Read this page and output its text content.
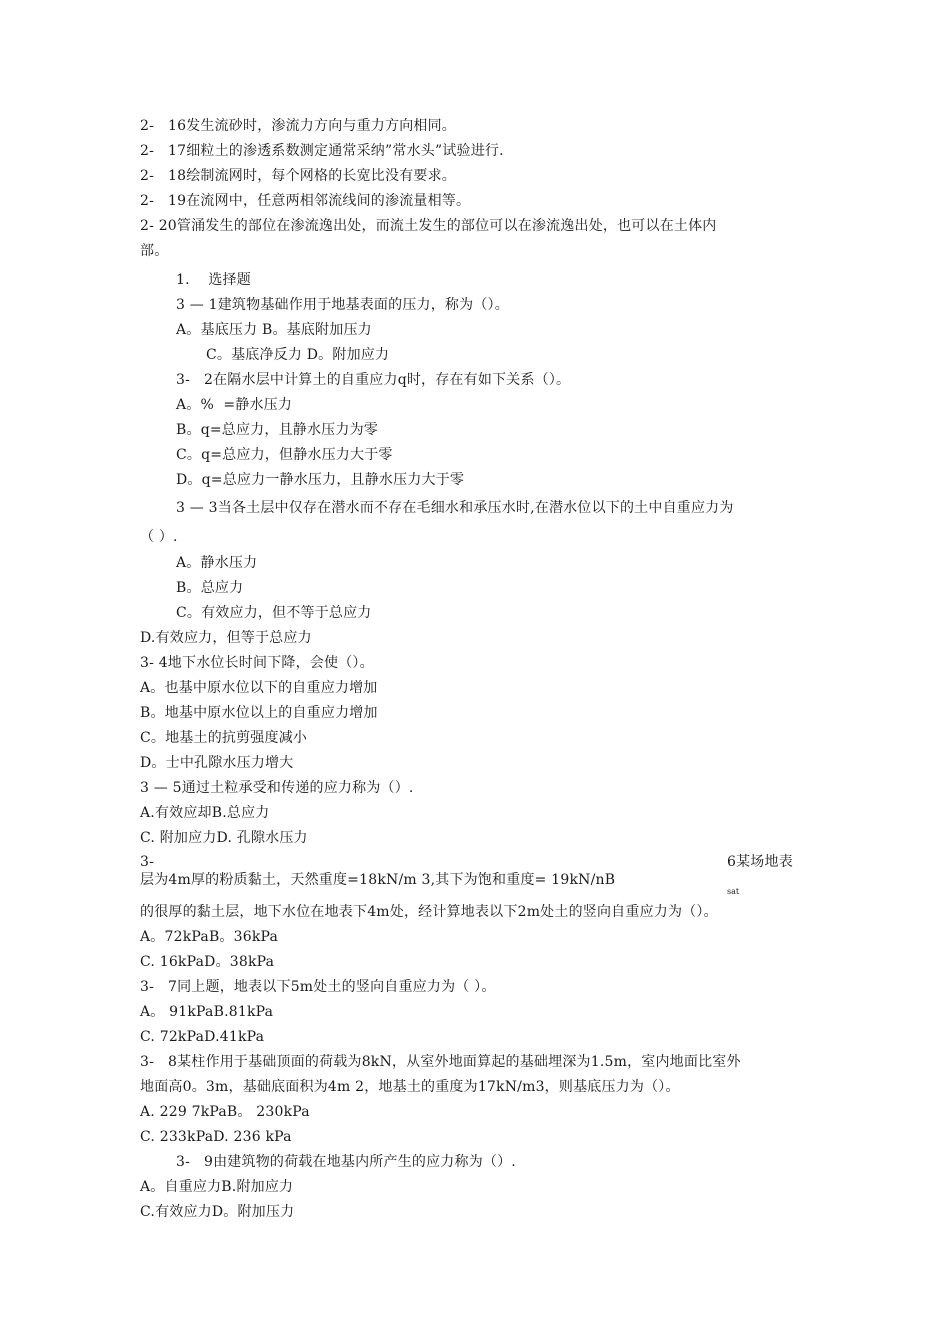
2-   16发生流砂时，渗流力方向与重力方向相同。
2-   17细粒土的渗透系数测定通常采纳”常水头”试验进行.
2-   18绘制流网时，每个网格的长宽比没有要求。
2-   19在流网中，任意两相邻流线间的渗流量相等。
2- 20管涌发生的部位在渗流逸出处，而流土发生的部位可以在渗流逸出处，也可以在土体内
部。
1.    选择题
3 — 1建筑物基础作用于地基表面的压力，称为（）。
A。基底压力 B。基底附加压力
C。基底净反力 D。附加应力
3-   2在隔水层中计算土的自重应力q时，存在有如下关系（）。
A。%  =静水压力
B。q=总应力，且静水压力为零
C。q=总应力，但静水压力大于零
D。q=总应力一静水压力，且静水压力大于零
3 — 3当各土层中仅存在潜水而不存在毛细水和承压水时,在潜水位以下的土中自重应力为
（ ）.
A。静水压力
B。总应力
C。有效应力，但不等于总应力
D.有效应力，但等于总应力
3- 4地下水位长时间下降，会使（）。
A。也基中原水位以下的自重应力增加
B。地基中原水位以上的自重应力增加
C。地基土的抗剪强度减小
D。士中孔隙水压力增大
3 — 5通过土粒承受和传递的应力称为（）.
A.有效应却B.总应力
C. 附加应力D. 孔隙水压力
3-	6某场地表
层为4m厚的粉质黏土，天然重度=18kN/m 3,其下为饱和重度= 19kN/nB
sat
的很厚的黏土层，地下水位在地表下4m处，经计算地表以下2m处土的竖向自重应力为（）。
A。72kPaB。36kPa
C. 16kPaD。38kPa
3-   7同上题，地表以下5m处土的竖向自重应力为（ ）。
A。 91kPaB.81kPa
C. 72kPaD.41kPa
3-   8某柱作用于基础顶面的荷载为8kN，从室外地面算起的基础埋深为1.5m，室内地面比室外
地面高0。3m，基础底面积为4m 2，地基土的重度为17kN/m3，则基底压力为（）。
A. 229 7kPaB。 230kPa
C. 233kPaD. 236 kPa
3-   9由建筑物的荷载在地基内所产生的应力称为（）.
A。自重应力B.附加应力
C.有效应力D。附加压力
